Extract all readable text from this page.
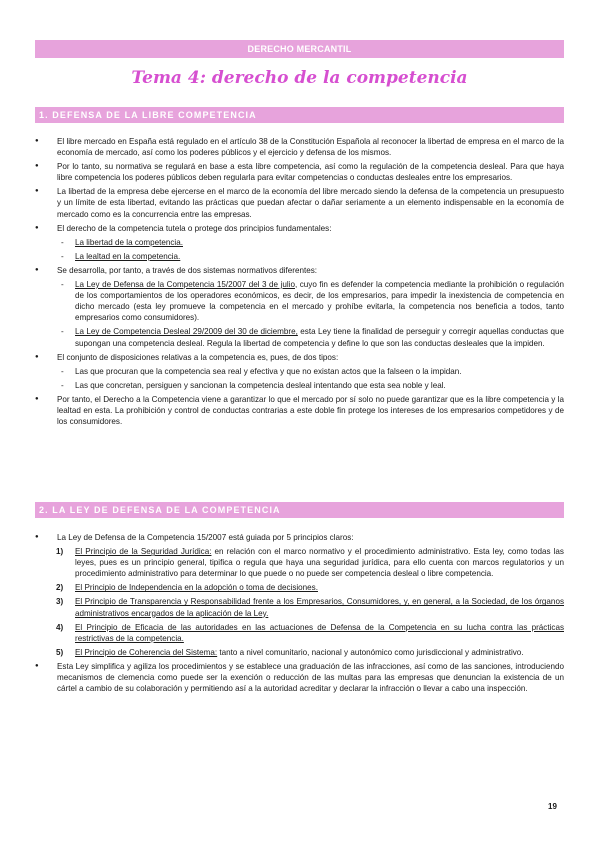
DERECHO MERCANTIL
Tema 4: derecho de la competencia
1. DEFENSA DE LA LIBRE COMPETENCIA
● El libre mercado en España está regulado en el artículo 38 de la Constitución Española al reconocer la libertad de empresa en el marco de la economía de mercado, así como los poderes públicos y el ejercicio y defensa de los mismos.
● Por lo tanto, su normativa se regulará en base a esta libre competencia, así como la regulación de la competencia desleal. Para que haya libre competencia los poderes públicos deben regularla para evitar competencias o conductas desleales entre los empresarios.
● La libertad de la empresa debe ejercerse en el marco de la economía del libre mercado siendo la defensa de la competencia un presupuesto y un límite de esta libertad, evitando las prácticas que puedan afectar o dañar seriamente a un elemento indispensable en la economía de mercado como es la concurrencia entre las empresas.
● El derecho de la competencia tutela o protege dos principios fundamentales:
- La libertad de la competencia.
- La lealtad en la competencia.
● Se desarrolla, por tanto, a través de dos sistemas normativos diferentes:
- La Ley de Defensa de la Competencia 15/2007 del 3 de julio, cuyo fin es defender la competencia mediante la prohibición o regulación de los comportamientos de los operadores económicos, es decir, de los empresarios, para impedir la inexistencia de competencia en dicho mercado (esta ley promueve la competencia en el mercado y prohíbe evitarla, la competencia nos beneficia a todos, tanto empresarios como consumidores).
- La Ley de Competencia Desleal 29/2009 del 30 de diciembre, esta Ley tiene la finalidad de perseguir y corregir aquellas conductas que supongan una competencia desleal. Regula la libertad de competencia y define lo que son las conductas desleales que la impiden.
● El conjunto de disposiciones relativas a la competencia es, pues, de dos tipos:
- Las que procuran que la competencia sea real y efectiva y que no existan actos que la falseen o la impidan.
- Las que concretan, persiguen y sancionan la competencia desleal intentando que esta sea noble y leal.
● Por tanto, el Derecho a la Competencia viene a garantizar lo que el mercado por sí solo no puede garantizar que es la libre competencia y la lealtad en esta. La prohibición y control de conductas contrarias a este doble fin protege los intereses de los empresarios competidores y de los consumidores.
2. LA LEY DE DEFENSA DE LA COMPETENCIA
● La Ley de Defensa de la Competencia 15/2007 está guiada por 5 principios claros:
1) El Principio de la Seguridad Jurídica: en relación con el marco normativo y el procedimiento administrativo. Esta ley, como todas las leyes, pues es un principio general, tipifica o regula que haya una seguridad jurídica, para ello cuenta con marcos regulatorios y un procedimiento administrativo para determinar lo que puede o no puede ser competencia desleal o libre competencia.
2) El Principio de Independencia en la adopción o toma de decisiones.
3) El Principio de Transparencia y Responsabilidad frente a los Empresarios, Consumidores, y, en general, a la Sociedad, de los órganos administrativos encargados de la aplicación de la Ley.
4) El Principio de Eficacia de las autoridades en las actuaciones de Defensa de la Competencia en su lucha contra las prácticas restrictivas de la competencia.
5) El Principio de Coherencia del Sistema: tanto a nivel comunitario, nacional y autonómico como jurisdiccional y administrativo.
● Esta Ley simplifica y agiliza los procedimientos y se establece una graduación de las infracciones, así como de las sanciones, introduciendo mecanismos de clemencia como puede ser la exención o reducción de las multas para las empresas que denuncian la existencia de un cártel a cambio de su colaboración y permitiendo así a la autoridad acreditar y declarar la infracción o llevar a cabo una inspección.
19
